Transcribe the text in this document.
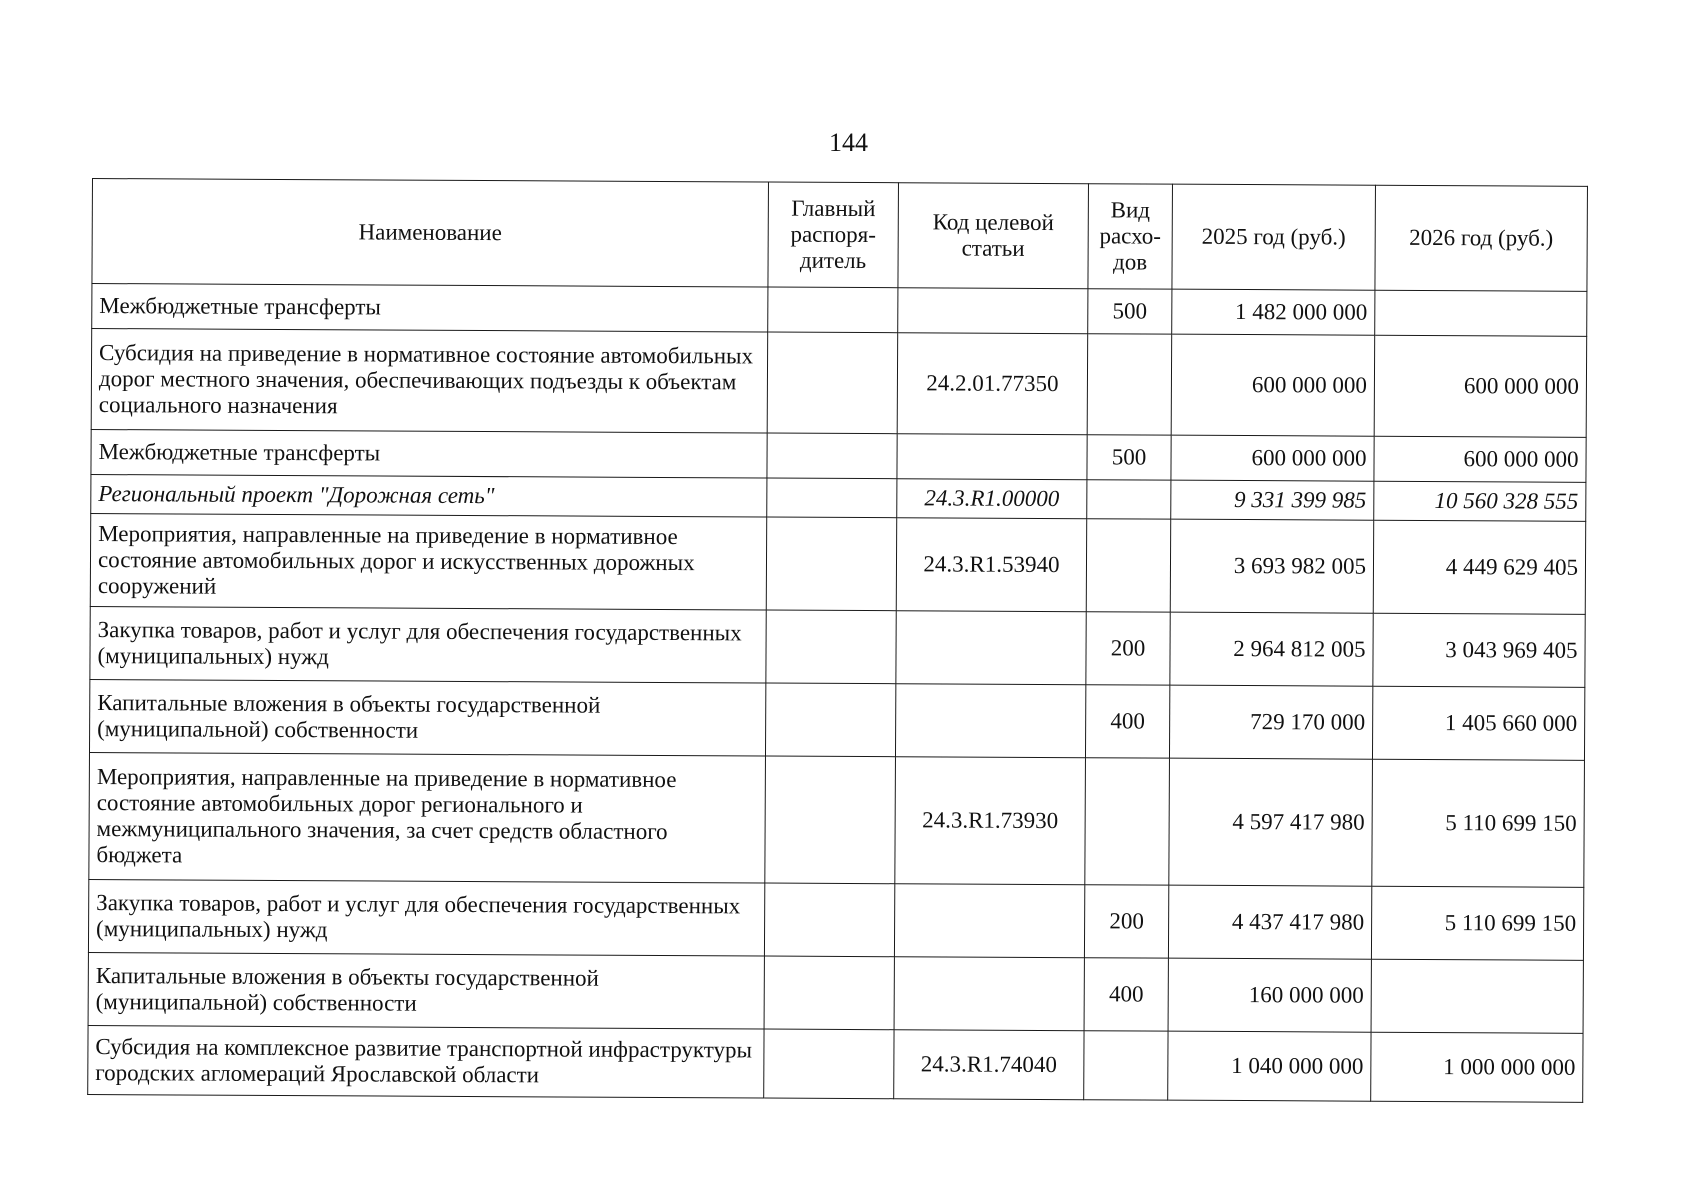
144
Наименование	Главный распоря-дитель	Код целевой статьи	Вид расхо-дов	2025 год (руб.)	2026 год (руб.)
Межбюджетные трансферты			500	1 482 000 000	
Субсидия на приведение в нормативное состояние автомобильных дорог местного значения, обеспечивающих подъезды к объектам социального назначения		24.2.01.77350		600 000 000	600 000 000
Межбюджетные трансферты			500	600 000 000	600 000 000
Региональный проект "Дорожная сеть"		24.3.R1.00000		9 331 399 985	10 560 328 555
Мероприятия, направленные на приведение в нормативное состояние автомобильных дорог и искусственных дорожных сооружений		24.3.R1.53940		3 693 982 005	4 449 629 405
Закупка товаров, работ и услуг для обеспечения государственных (муниципальных) нужд			200	2 964 812 005	3 043 969 405
Капитальные вложения в объекты государственной (муниципальной) собственности			400	729 170 000	1 405 660 000
Мероприятия, направленные на приведение в нормативное состояние автомобильных дорог регионального и межмуниципального значения, за счет средств областного бюджета		24.3.R1.73930		4 597 417 980	5 110 699 150
Закупка товаров, работ и услуг для обеспечения государственных (муниципальных) нужд			200	4 437 417 980	5 110 699 150
Капитальные вложения в объекты государственной (муниципальной) собственности			400	160 000 000	
Субсидия на комплексное развитие транспортной инфраструктуры городских агломераций Ярославской области		24.3.R1.74040		1 040 000 000	1 000 000 000
